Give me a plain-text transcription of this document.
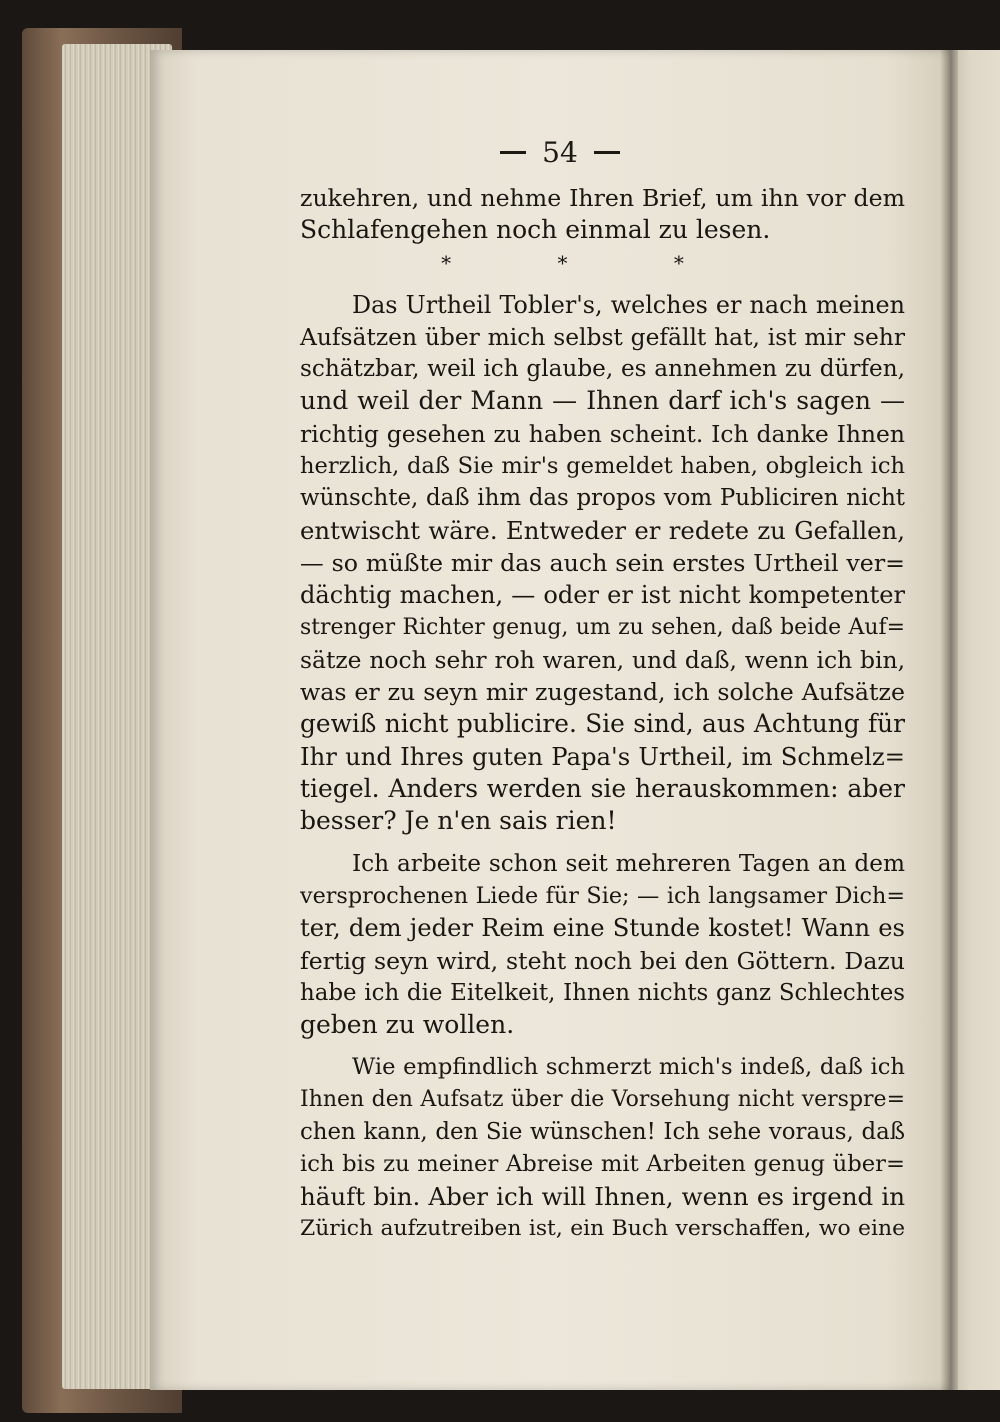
54
zukehren, und nehme Ihren Brief, um ihn vor dem
Schlafengehen noch einmal zu lesen.
* * *
Das Urtheil Tobler's, welches er nach meinen
Aufsätzen über mich selbst gefällt hat, ist mir sehr
schätzbar, weil ich glaube, es annehmen zu dürfen,
und weil der Mann — Ihnen darf ich's sagen —
richtig gesehen zu haben scheint. Ich danke Ihnen
herzlich, daß Sie mir's gemeldet haben, obgleich ich
wünschte, daß ihm das propos vom Publiciren nicht
entwischt wäre. Entweder er redete zu Gefallen,
— so müßte mir das auch sein erstes Urtheil ver=
dächtig machen, — oder er ist nicht kompetenter
strenger Richter genug, um zu sehen, daß beide Auf=
sätze noch sehr roh waren, und daß, wenn ich bin,
was er zu seyn mir zugestand, ich solche Aufsätze
gewiß nicht publicire. Sie sind, aus Achtung für
Ihr und Ihres guten Papa's Urtheil, im Schmelz=
tiegel. Anders werden sie herauskommen: aber
besser? Je n'en sais rien!
Ich arbeite schon seit mehreren Tagen an dem
versprochenen Liede für Sie; — ich langsamer Dich=
ter, dem jeder Reim eine Stunde kostet! Wann es
fertig seyn wird, steht noch bei den Göttern. Dazu
habe ich die Eitelkeit, Ihnen nichts ganz Schlechtes
geben zu wollen.
Wie empfindlich schmerzt mich's indeß, daß ich
Ihnen den Aufsatz über die Vorsehung nicht verspre=
chen kann, den Sie wünschen! Ich sehe voraus, daß
ich bis zu meiner Abreise mit Arbeiten genug über=
häuft bin. Aber ich will Ihnen, wenn es irgend in
Zürich aufzutreiben ist, ein Buch verschaffen, wo eine
